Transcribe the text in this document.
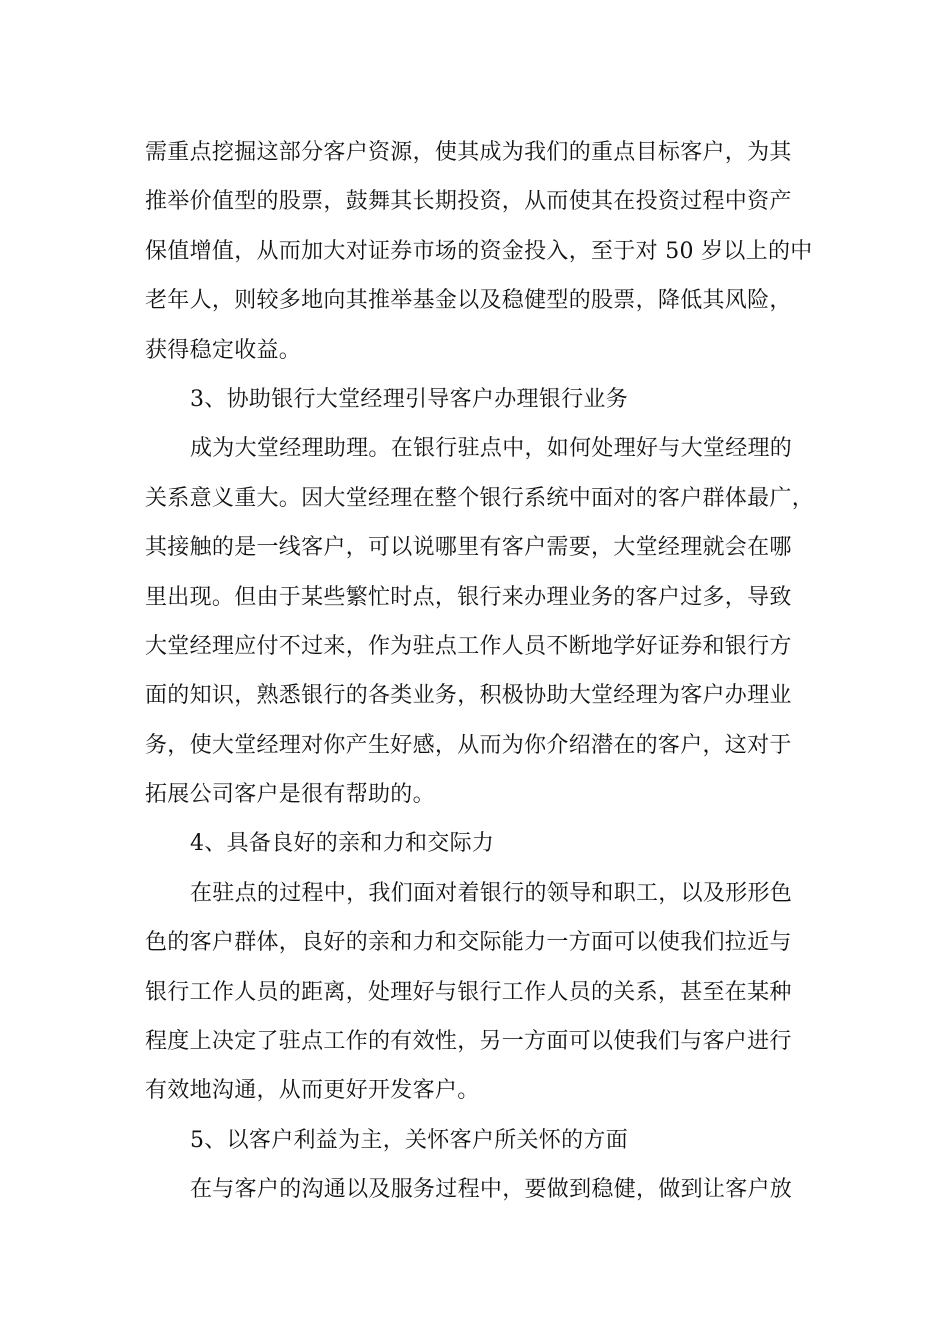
需重点挖掘这部分客户资源，使其成为我们的重点目标客户，为其
推举价值型的股票，鼓舞其长期投资，从而使其在投资过程中资产
保值增值，从而加大对证券市场的资金投入，至于对 50 岁以上的中
老年人，则较多地向其推举基金以及稳健型的股票，降低其风险，
获得稳定收益。
3、协助银行大堂经理引导客户办理银行业务
成为大堂经理助理。在银行驻点中，如何处理好与大堂经理的
关系意义重大。因大堂经理在整个银行系统中面对的客户群体最广，
其接触的是一线客户，可以说哪里有客户需要，大堂经理就会在哪
里出现。但由于某些繁忙时点，银行来办理业务的客户过多，导致
大堂经理应付不过来，作为驻点工作人员不断地学好证券和银行方
面的知识，熟悉银行的各类业务，积极协助大堂经理为客户办理业
务，使大堂经理对你产生好感，从而为你介绍潜在的客户，这对于
拓展公司客户是很有帮助的。
4、具备良好的亲和力和交际力
在驻点的过程中，我们面对着银行的领导和职工，以及形形色
色的客户群体，良好的亲和力和交际能力一方面可以使我们拉近与
银行工作人员的距离，处理好与银行工作人员的关系，甚至在某种
程度上决定了驻点工作的有效性，另一方面可以使我们与客户进行
有效地沟通，从而更好开发客户。
5、以客户利益为主，关怀客户所关怀的方面
在与客户的沟通以及服务过程中，要做到稳健，做到让客户放
